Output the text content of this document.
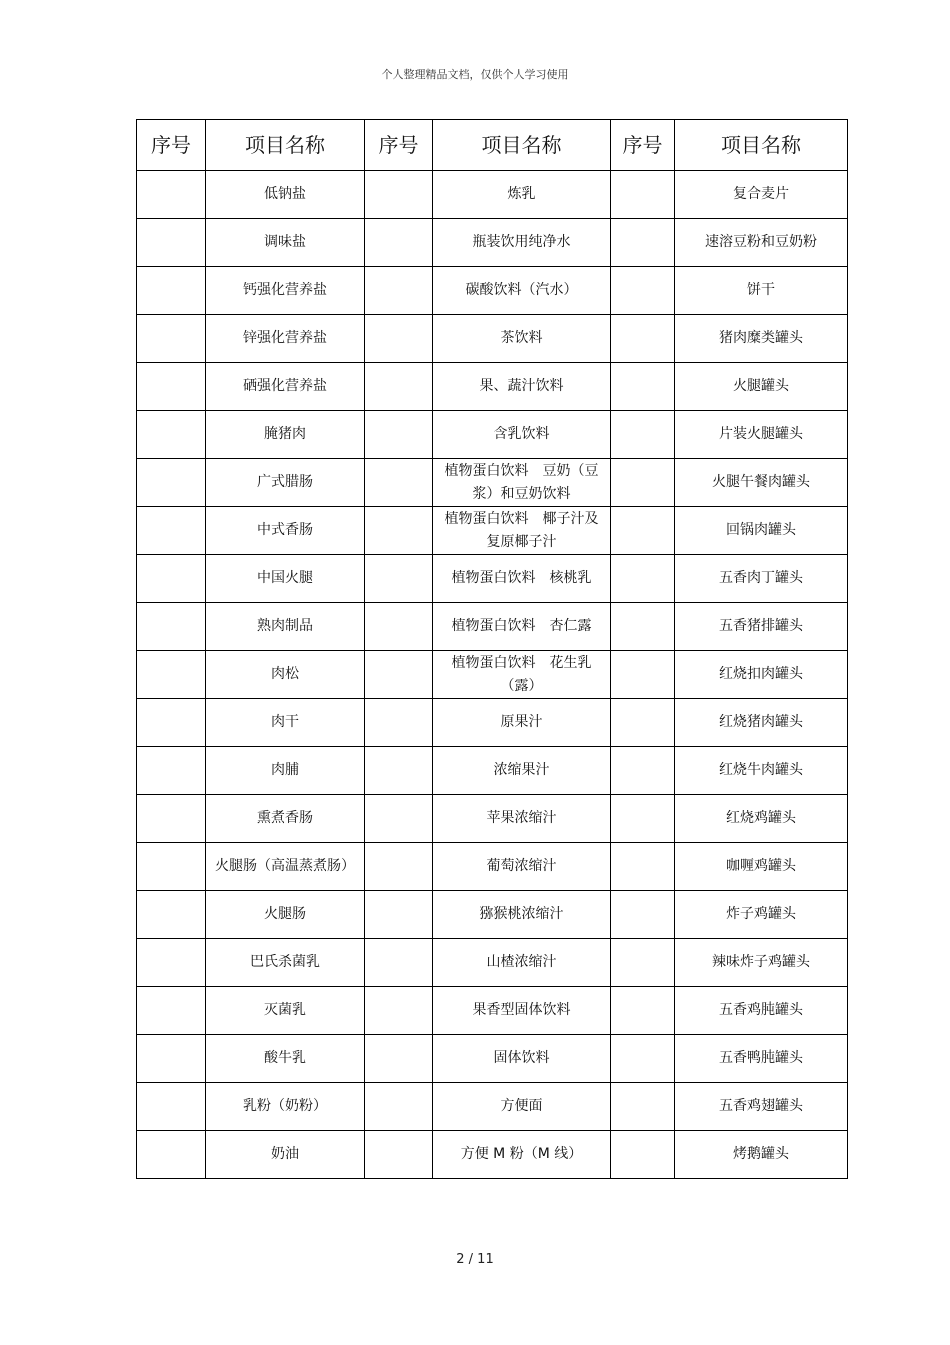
个人整理精品文档，仅供个人学习使用
序号	项目名称	序号	项目名称	序号	项目名称
	低钠盐		炼乳		复合麦片
	调味盐		瓶装饮用纯净水		速溶豆粉和豆奶粉
	钙强化营养盐		碳酸饮料（汽水）		饼干
	锌强化营养盐		茶饮料		猪肉糜类罐头
	硒强化营养盐		果、蔬汁饮料		火腿罐头
	腌猪肉		含乳饮料		片装火腿罐头
	广式腊肠		植物蛋白饮料　豆奶（豆浆）和豆奶饮料		火腿午餐肉罐头
	中式香肠		植物蛋白饮料　椰子汁及复原椰子汁		回锅肉罐头
	中国火腿		植物蛋白饮料　核桃乳		五香肉丁罐头
	熟肉制品		植物蛋白饮料　杏仁露		五香猪排罐头
	肉松		植物蛋白饮料　花生乳（露）		红烧扣肉罐头
	肉干		原果汁		红烧猪肉罐头
	肉脯		浓缩果汁		红烧牛肉罐头
	熏煮香肠		苹果浓缩汁		红烧鸡罐头
	火腿肠（高温蒸煮肠）		葡萄浓缩汁		咖喱鸡罐头
	火腿肠		猕猴桃浓缩汁		炸子鸡罐头
	巴氏杀菌乳		山楂浓缩汁		辣味炸子鸡罐头
	灭菌乳		果香型固体饮料		五香鸡肫罐头
	酸牛乳		固体饮料		五香鸭肫罐头
	乳粉（奶粉）		方便面		五香鸡翅罐头
	奶油		方便 M 粉（M 线）		烤鹅罐头
2 / 11
